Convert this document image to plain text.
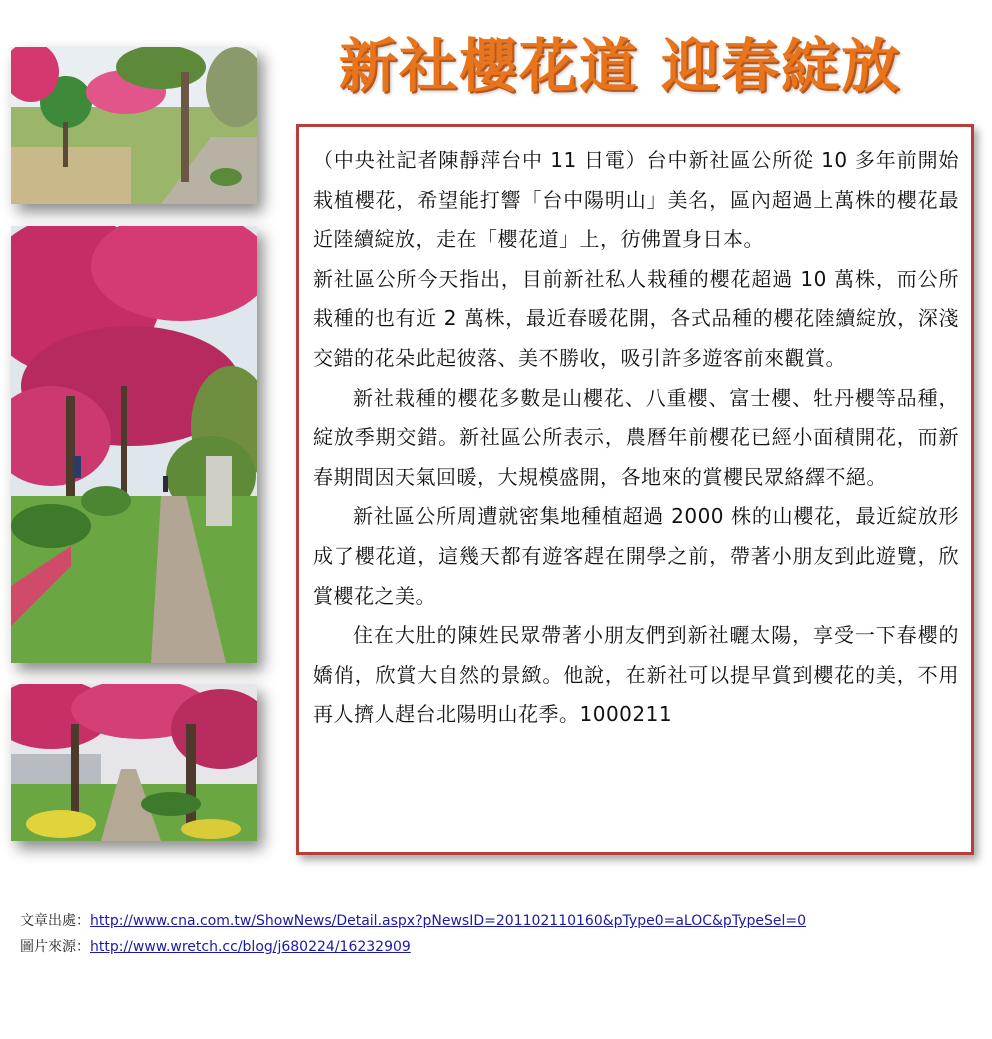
新社櫻花道 迎春綻放

（中央社記者陳靜萍台中 11 日電）台中新社區公所從 10 多年前開始栽植櫻花，希望能打響「台中陽明山」美名，區內超過上萬株的櫻花最近陸續綻放，走在「櫻花道」上，彷佛置身日本。

新社區公所今天指出，目前新社私人栽種的櫻花超過 10 萬株，而公所栽種的也有近 2 萬株，最近春暖花開，各式品種的櫻花陸續綻放，深淺交錯的花朵此起彼落、美不勝收，吸引許多遊客前來觀賞。

新社栽種的櫻花多數是山櫻花、八重櫻、富士櫻、牡丹櫻等品種，綻放季期交錯。新社區公所表示，農曆年前櫻花已經小面積開花，而新春期間因天氣回暖，大規模盛開，各地來的賞櫻民眾絡繹不絕。

新社區公所周遭就密集地種植超過 2000 株的山櫻花，最近綻放形成了櫻花道，這幾天都有遊客趕在開學之前，帶著小朋友到此遊覽，欣賞櫻花之美。

住在大肚的陳姓民眾帶著小朋友們到新社曬太陽，享受一下春櫻的嬌俏，欣賞大自然的景緻。他說，在新社可以提早賞到櫻花的美，不用再人擠人趕台北陽明山花季。1000211

文章出處：http://www.cna.com.tw/ShowNews/Detail.aspx?pNewsID=201102110160&pType0=aLOC&pTypeSel=0
圖片來源：http://www.wretch.cc/blog/j680224/16232909
